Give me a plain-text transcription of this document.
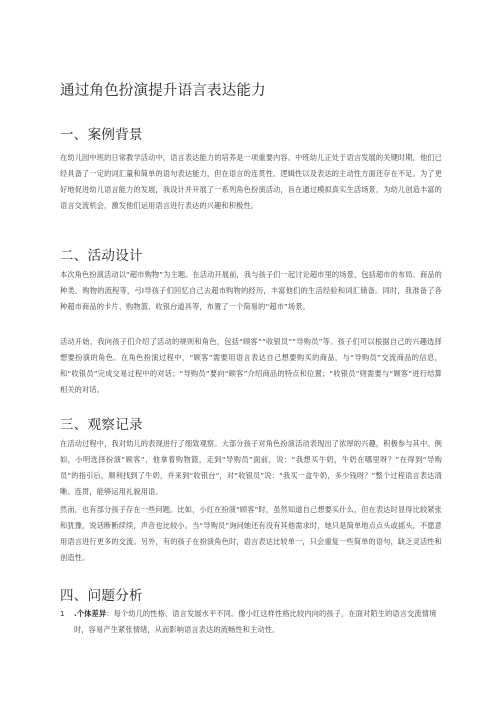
通过角色扮演提升语言表达能力
一、案例背景

在幼儿园中班的日常教学活动中，语言表达能力的培养是一项重要内容。中班幼儿正处于语言发展的关键时期，他们已经具备了一定的词汇量和简单的语句表达能力，但在语言的连贯性、逻辑性以及表达的主动性方面还存在不足。为了更好地促进幼儿语言能力的发展，我设计并开展了一系列角色扮演活动，旨在通过模拟真实生活场景，为幼儿创造丰富的语言交流机会，激发他们运用语言进行表达的兴趣和积极性。

二、活动设计

本次角色扮演活动以“超市购物”为主题。在活动开展前，我与孩子们一起讨论超市里的场景，包括超市的布局、商品的种类、购物的流程等，弓I导孩子们回忆自己去超市购物的经历，丰富他们的生活经验和词汇储备。同时，我准备了各种超市商品的卡片、购物篮、收银台道具等，布置了一个简易的“超市”场景。

活动开始，我向孩子们介绍了活动的规则和角色，包括“顾客”“收银员”“导购员”等。孩子们可以根据自己的兴趣选择想要扮演的角色。在角色扮演过程中，“顾客”需要用语言表达自己想要购买的商品，与“导购员”交流商品的信息，和“收银员”完成交易过程中的对话；“导购员”要向“顾客”介绍商品的特点和位置；“收银员”则需要与“顾客”进行结算相关的对话。

三、观察记录

在活动过程中，我对幼儿的表现进行了细致观察。大部分孩子对角色扮演活动表现出了浓厚的兴趣，积极参与其中。例如，小明选择扮演“顾客”，他拿着购物篮，走到“导购员”面前，说：“我想买牛奶，牛奶在哪里呀？”在得到“导购员”的指引后，顺利找到了牛奶，并来到“收银台”，对“收银员”说：“我买一盒牛奶，多少钱呀？”整个过程语言表达清晰、连贯，能够运用礼貌用语。

然而，也有部分孩子存在一些问题。比如，小红在扮演“顾客”时，虽然知道自己想要买什么，但在表达时显得比较紧张和犹豫，说话断断续续，声音也比较小。当“导购员”询问她还有没有其他需求时，她只是简单地点点头或摇头，不愿意用语言进行更多的交流。另外，有的孩子在扮演角色时，语言表达比较单一，只会重复一些简单的语句，缺乏灵活性和创造性。

四、问题分析
1 .个体差异：每个幼儿的性格、语言发展水平不同。像小红这样性格比较内向的孩子，在面对陌生的语言交流情境时，容易产生紧张情绪，从而影响语言表达的流畅性和主动性。
